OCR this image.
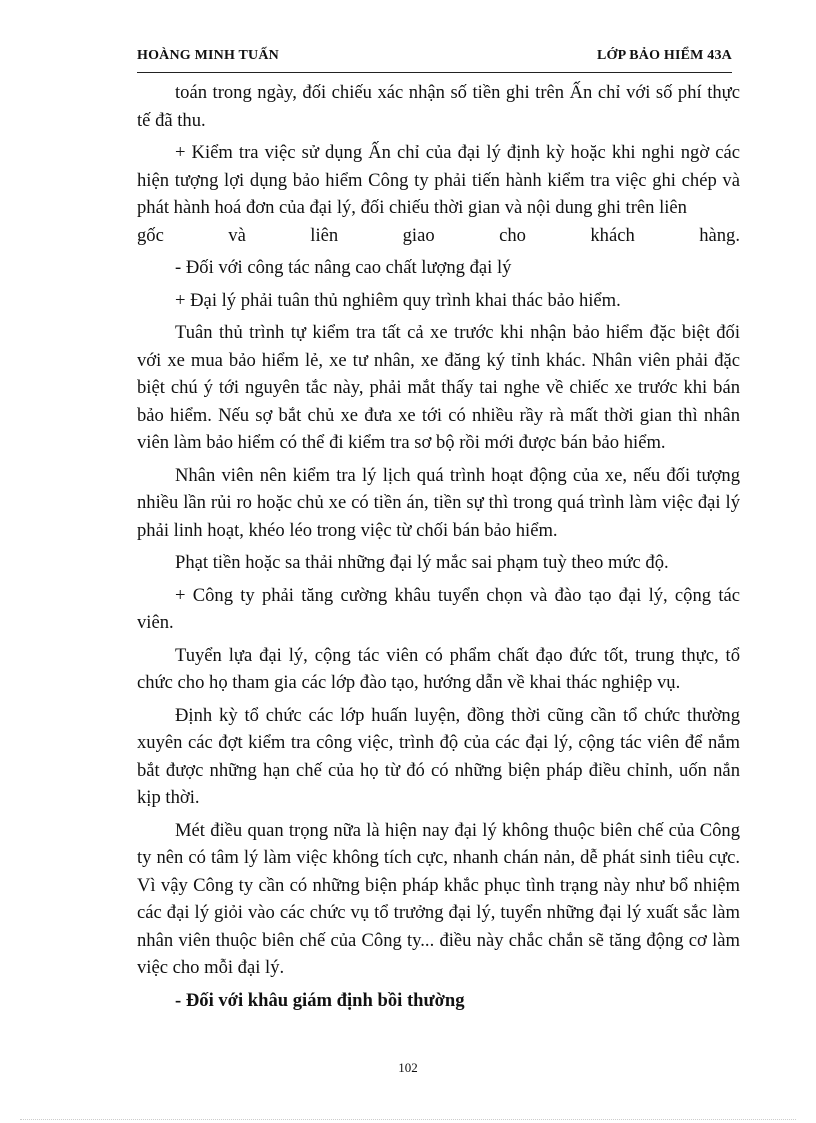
HOÀNG MINH TUẤN	LỚP BẢO HIỂM 43A

toán trong ngày, đối chiếu xác nhận số tiền ghi trên Ấn chỉ với số phí thực tế đã thu.

+ Kiểm tra việc sử dụng Ấn chỉ của đại lý định kỳ hoặc khi nghi ngờ các hiện tượng lợi dụng bảo hiểm Công ty phải tiến hành kiểm tra việc ghi chép và phát hành hoá đơn của đại lý, đối chiếu thời gian và nội dung ghi trên liên

gốc và liên giao cho khách hàng.

- Đối với công tác nâng cao chất lượng đại lý

+ Đại lý phải tuân thủ nghiêm quy trình khai thác bảo hiểm.

Tuân thủ trình tự kiểm tra tất cả xe trước khi nhận bảo hiểm đặc biệt đối với xe mua bảo hiểm lẻ, xe tư nhân, xe đăng ký tỉnh khác. Nhân viên phải đặc biệt chú ý tới nguyên tắc này, phải mắt thấy tai nghe về chiếc xe trước khi bán bảo hiểm. Nếu sợ bắt chủ xe đưa xe tới có nhiều rầy rà mất thời gian thì nhân viên làm bảo hiểm có thể đi kiểm tra sơ bộ rồi mới được bán bảo hiểm.

Nhân viên nên kiểm tra lý lịch quá trình hoạt động của xe, nếu đối tượng nhiều lần rủi ro hoặc chủ xe có tiền án, tiền sự thì trong quá trình làm việc đại lý phải linh hoạt, khéo léo trong việc từ chối bán bảo hiểm.

Phạt tiền hoặc sa thải những đại lý mắc sai phạm tuỳ theo mức độ.

+ Công ty phải tăng cường khâu tuyển chọn và đào tạo đại lý, cộng tác viên.

Tuyển lựa đại lý, cộng tác viên có phẩm chất đạo đức tốt, trung thực, tổ chức cho họ tham gia các lớp đào tạo, hướng dẫn về khai thác nghiệp vụ.

Định kỳ tổ chức các lớp huấn luyện, đồng thời cũng cần tổ chức thường xuyên các đợt kiểm tra công việc, trình độ của các đại lý, cộng tác viên để nắm bắt được những hạn chế của họ từ đó có những biện pháp điều chỉnh, uốn nắn kịp thời.

Mét điều quan trọng nữa là hiện nay đại lý không thuộc biên chế của Công ty nên có tâm lý làm việc không tích cực, nhanh chán nản, dễ phát sinh tiêu cực. Vì vậy Công ty cần có những biện pháp khắc phục tình trạng này như bổ nhiệm các đại lý giỏi vào các chức vụ tổ trưởng đại lý, tuyển những đại lý xuất sắc làm nhân viên thuộc biên chế của Công ty... điều này chắc chắn sẽ tăng động cơ làm việc cho mỗi đại lý.

- Đối với khâu giám định bồi thường

102
